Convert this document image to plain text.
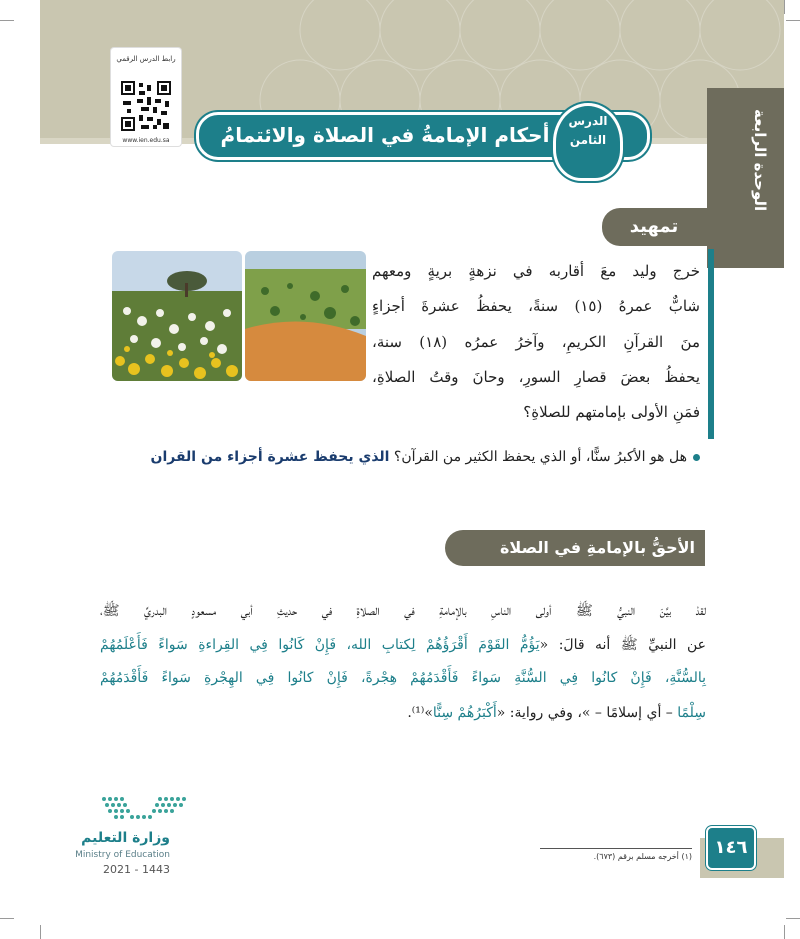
الوحدة الرابعة
رابط الدرس الرقمي
www.ien.edu.sa	أحكام الإمامةُ في الصلاة والائتمامُ
الدرس
الثامن
تمهيد
خرج وليد معَ أقاربه في نزهةٍ بريةٍ ومعهم
شابٌّ عمرهُ (١٥) سنةً، يحفظُ عشرةَ أجزاءٍ
منَ القرآنِ الكريمِ، وآخرُ عمرُه (١٨) سنة،
يحفظُ بعضَ قصارِ السورِ، وحانَ وقتُ الصلاةِ،
فمَنِ الأولى بإمامتهم للصلاةِ؟
هل هو الأكبرُ سنًّا، أو الذي يحفظ الكثير من القرآن؟ الذي يحفظ عشرة أجزاء من القران
الأحقُّ بالإمامةِ في الصلاة
لقدْ بيَّنَ النبيُّ ﷺ أولى الناسِ بالإمامةِ في الصلاةِ في حديثِ أبي مسعودٍ البدريِّ ﷺ،
عن النبيِّ ﷺ أنه قالَ: «يَؤُمُّ القَوْمَ أَقْرَؤُهُمْ لِكتابِ الله، فَإِنْ كَانُوا فِي القِراءةِ سَواءً فَأَعْلَمُهُمْ
بِالسُّنَّةِ، فَإِنْ كانُوا فِي السُّنَّةِ سَواءً فَأَقْدَمُهُمْ هِجْرةً، فَإِنْ كانُوا فِي الهِجْرةِ سَواءً فَأَقْدَمُهُمْ
سِلْمًا – أي إسلامًا – »، وفي رواية: «أَكْبَرُهُمْ سِنًّا»⁽¹⁾.
وزارة التعليم
Ministry of Education
2021 - 1443
(١) أخرجه مسلم برقم (٦٧٣).	١٤٦
